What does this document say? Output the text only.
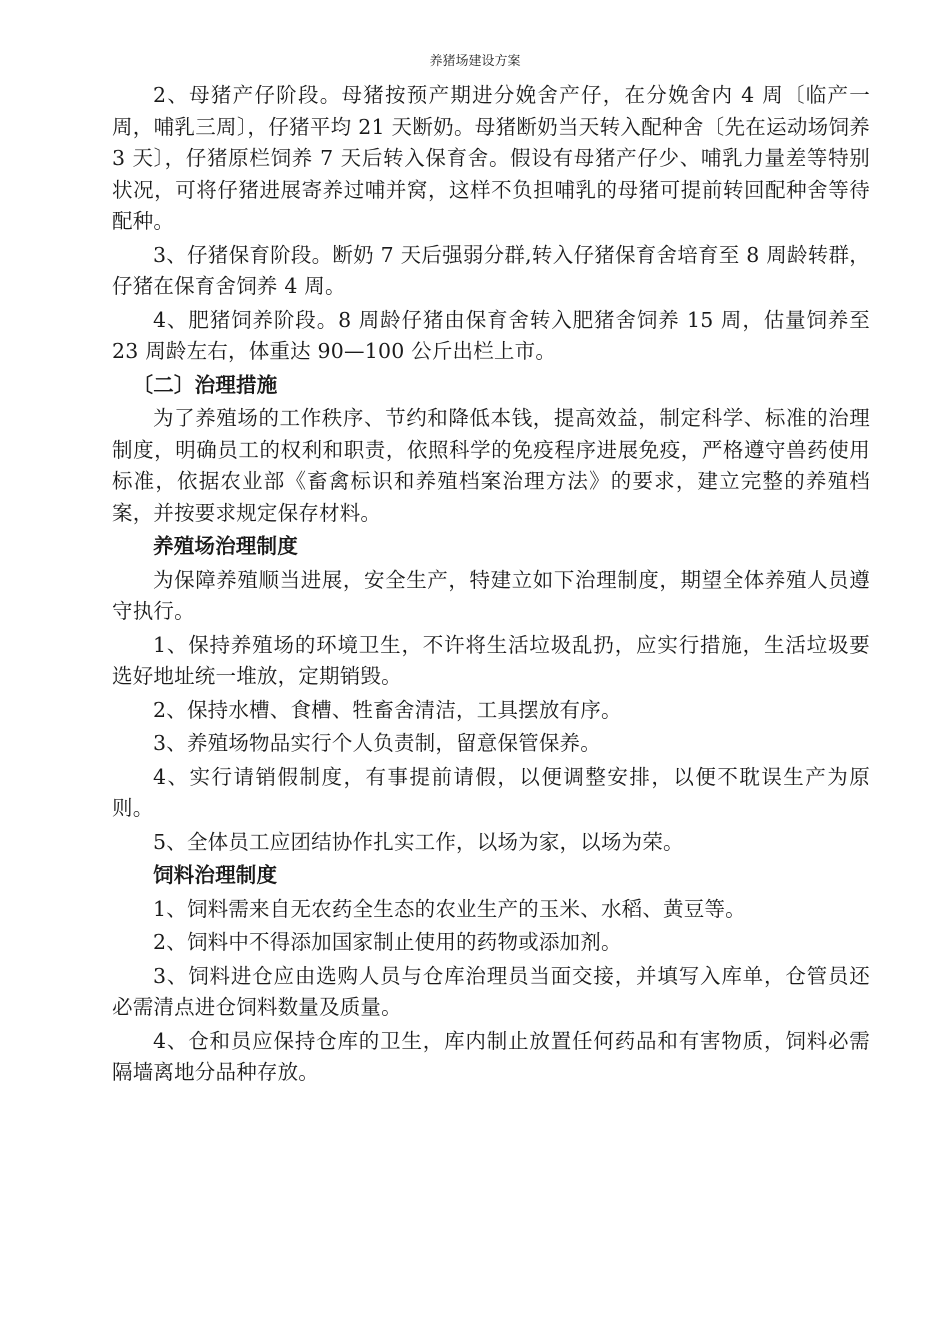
养猪场建设方案

2、母猪产仔阶段。母猪按预产期进分娩舍产仔，在分娩舍内 4 周〔临产一周，哺乳三周〕，仔猪平均 21 天断奶。母猪断奶当天转入配种舍〔先在运动场饲养 3 天〕，仔猪原栏饲养 7 天后转入保育舍。假设有母猪产仔少、哺乳力量差等特别状况，可将仔猪进展寄养过哺并窝，这样不负担哺乳的母猪可提前转回配种舍等待配种。

3、仔猪保育阶段。断奶 7 天后强弱分群,转入仔猪保育舍培育至 8 周龄转群，仔猪在保育舍饲养 4 周。

4、肥猪饲养阶段。8 周龄仔猪由保育舍转入肥猪舍饲养 15 周，估量饲养至 23 周龄左右，体重达 90—100 公斤出栏上市。

〔二〕治理措施

为了养殖场的工作秩序、节约和降低本钱，提高效益，制定科学、标准的治理制度，明确员工的权利和职责，依照科学的免疫程序进展免疫，严格遵守兽药使用标准，依据农业部《畜禽标识和养殖档案治理方法》的要求，建立完整的养殖档案，并按要求规定保存材料。

养殖场治理制度

为保障养殖顺当进展，安全生产，特建立如下治理制度，期望全体养殖人员遵守执行。

1、保持养殖场的环境卫生，不许将生活垃圾乱扔，应实行措施，生活垃圾要选好地址统一堆放，定期销毁。

2、保持水槽、食槽、牲畜舍清洁，工具摆放有序。

3、养殖场物品实行个人负责制，留意保管保养。

4、实行请销假制度，有事提前请假，以便调整安排，以便不耽误生产为原则。

5、全体员工应团结协作扎实工作，以场为家，以场为荣。

饲料治理制度

1、饲料需来自无农药全生态的农业生产的玉米、水稻、黄豆等。

2、饲料中不得添加国家制止使用的药物或添加剂。

3、饲料进仓应由选购人员与仓库治理员当面交接，并填写入库单，仓管员还必需清点进仓饲料数量及质量。

4、仓和员应保持仓库的卫生，库内制止放置任何药品和有害物质，饲料必需隔墙离地分品种存放。
